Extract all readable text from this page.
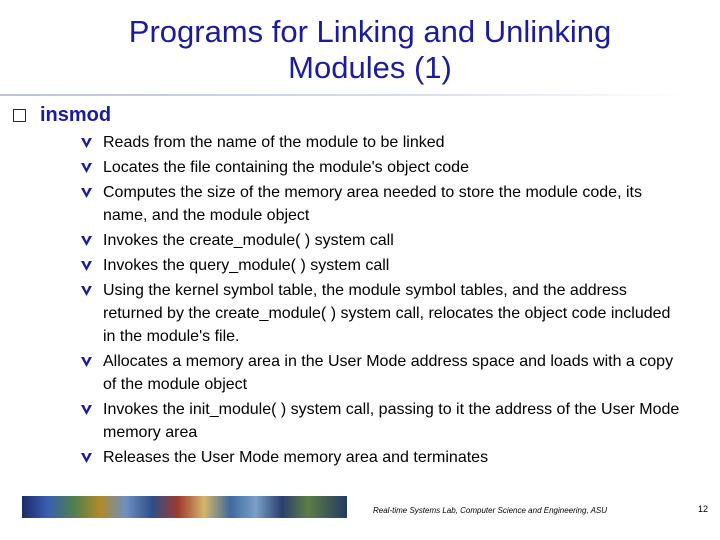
Programs for Linking and Unlinking
Modules (1)
insmod
Reads from the name of the module to be linked
Locates the file containing the module's object code
Computes the size of the memory area needed to store the module code, its name, and the module object
Invokes the create_module( ) system call
Invokes the query_module( ) system call
Using the kernel symbol table, the module symbol tables, and the address returned by the create_module( ) system call, relocates the object code included in the module's file.
Allocates a memory area in the User Mode address space and loads with a copy of the module object
Invokes the init_module( ) system call, passing to it the address of the User Mode memory area
Releases the User Mode memory area and terminates
Real-time Systems Lab, Computer Science and Engineering, ASU	12
